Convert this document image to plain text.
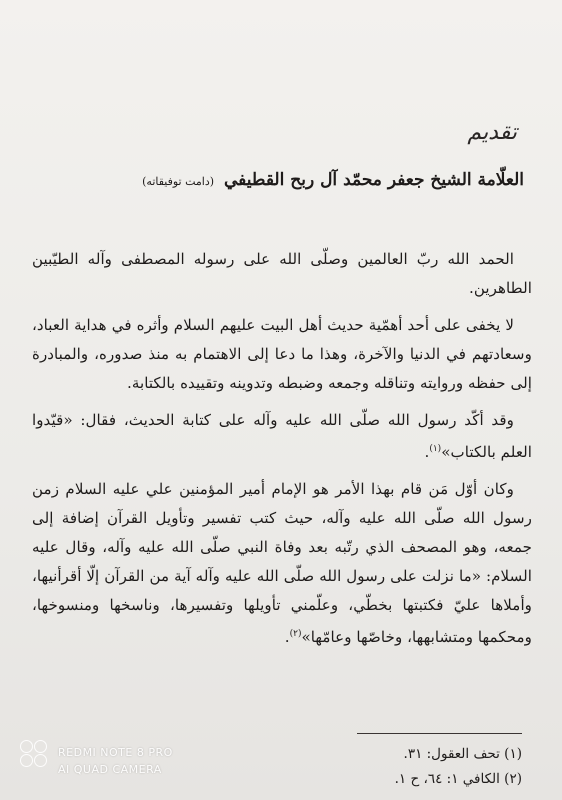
تقديم
العلّامة الشيخ جعفر محمّد آل ربح القطيفي (دامت توفيقاته)

الحمد الله ربّ العالمين وصلّى الله على رسوله المصطفى وآله الطيّبين الطاهرين.

لا يخفى على أحد أهمّية حديث أهل البيت عليهم السلام وأثره في هداية العباد، وسعادتهم في الدنيا والآخرة، وهذا ما دعا إلى الاهتمام به منذ صدوره، والمبادرة إلى حفظه وروايته وتناقله وجمعه وضبطه وتدوينه وتقييده بالكتابة.

وقد أكّد رسول الله صلّى الله عليه وآله على كتابة الحديث، فقال: «قيّدوا العلم بالكتاب»$^{(١)}$.

وكان أوّل مَن قام بهذا الأمر هو الإمام أمير المؤمنين علي عليه السلام زمن رسول الله صلّى الله عليه وآله، حيث كتب تفسير وتأويل القرآن إضافة إلى جمعه، وهو المصحف الذي رتّبه بعد وفاة النبي صلّى الله عليه وآله، وقال عليه السلام: «ما نزلت على رسول الله صلّى الله عليه وآله آية من القرآن إلّا أقرأنيها، وأملاها عليّ فكتبتها بخطّي، وعلّمني تأويلها وتفسيرها، وناسخها ومنسوخها، ومحكمها ومتشابهها، وخاصّها وعامّها»$^{(٢)}$.

(١) تحف العقول: ٣١.
(٢) الكافي ١: ٦٤، ح ١.
REDMI NOTE 8 PRO
AI QUAD CAMERA
